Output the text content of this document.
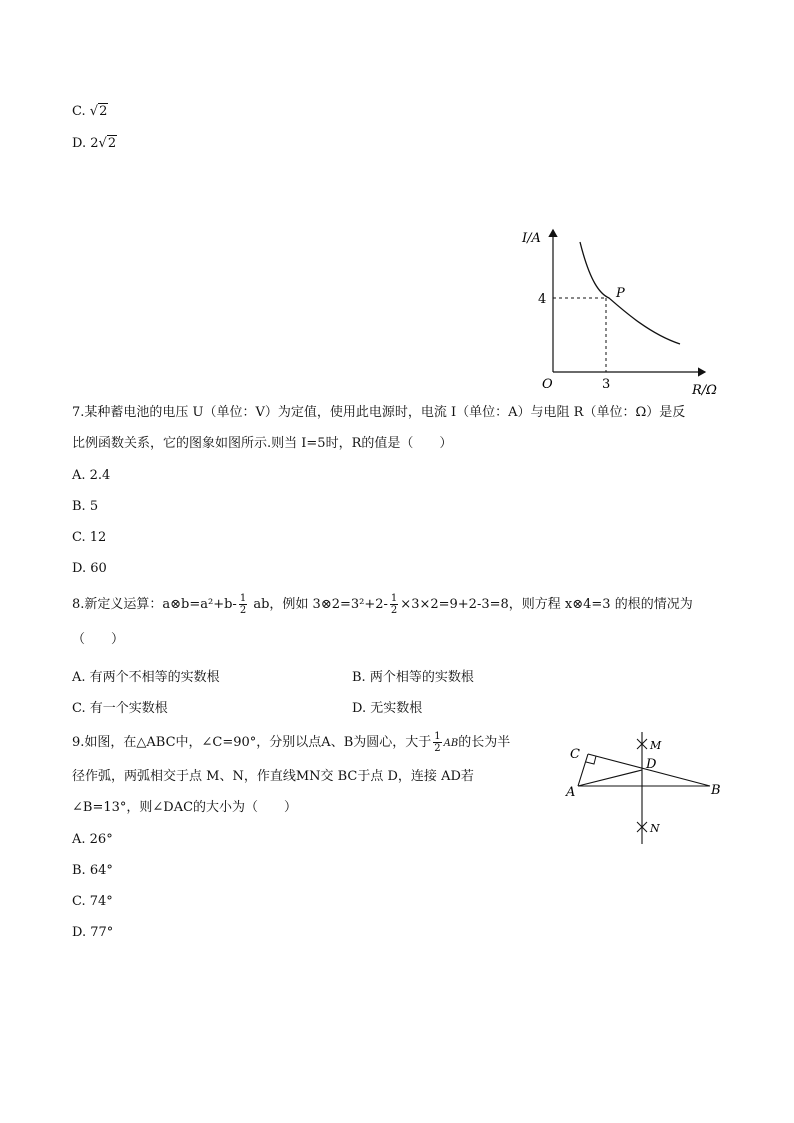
C. √2
D. 2√2
I/A
R/Ω
O
4
3
P
7.某种蓄电池的电压 U（单位：V）为定值，使用此电源时，电流 I（单位：A）与电阻 R（单位：Ω）是反
比例函数关系，它的图象如图所示.则当 I=5时，R的值是（　　）
A. 2.4
B. 5
C. 12
D. 60
8.新定义运算：a⊗b=a²+b- $\frac{1}{2}$ ab，例如 3⊗2=3²+2- $\frac{1}{2} \times 3\times 2=9+2-3=8$，则方程 x⊗4=3 的根的情况为
（　　）
A. 有两个不相等的实数根	B. 两个相等的实数根
C. 有一个实数根	D. 无实数根
9.如图，在△ABC中，∠C=90°，分别以点A、B为圆心，大于 $\frac{1}{2}$ AB的长为半
径作弧，两弧相交于点 M、N，作直线MN交 BC于点 D，连接 AD若
∠B=13°，则∠DAC的大小为（　　）
A. 26°
B. 64°
C. 74°
D. 77°
C
A	B
D
M
N
